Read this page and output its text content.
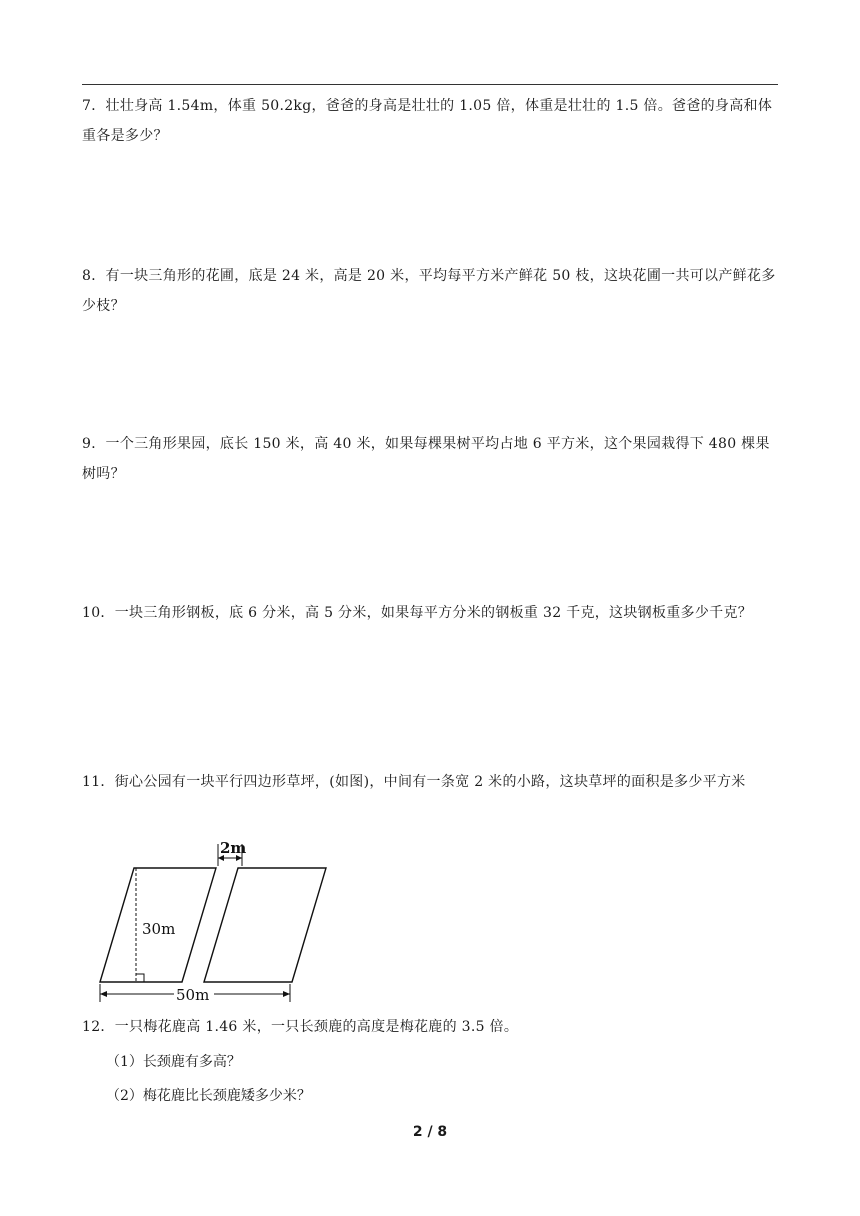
7．壮壮身高 1.54m，体重 50.2kg，爸爸的身高是壮壮的 1.05 倍，体重是壮壮的 1.5 倍。爸爸的身高和体重各是多少？
8．有一块三角形的花圃，底是 24 米，高是 20 米，平均每平方米产鲜花 50 枝，这块花圃一共可以产鲜花多少枝？
9．一个三角形果园，底长 150 米，高 40 米，如果每棵果树平均占地 6 平方米，这个果园栽得下 480 棵果树吗？
10．一块三角形钢板，底 6 分米，高 5 分米，如果每平方分米的钢板重 32 千克，这块钢板重多少千克？
11．街心公园有一块平行四边形草坪，(如图)，中间有一条宽 2 米的小路，这块草坪的面积是多少平方米
30m
2m
50m
12．一只梅花鹿高 1.46 米，一只长颈鹿的高度是梅花鹿的 3.5 倍。
（1）长颈鹿有多高？
（2）梅花鹿比长颈鹿矮多少米？
2 / 8
